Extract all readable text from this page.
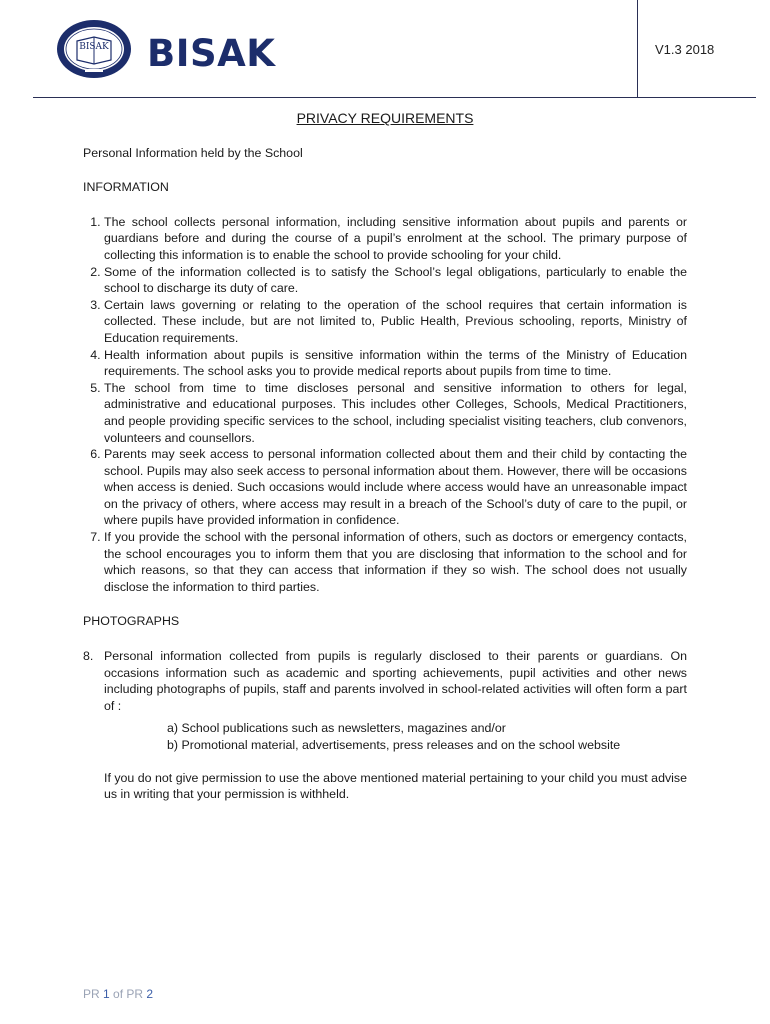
BISAK BISAK	V1.3 2018
PRIVACY REQUIREMENTS
Personal Information held by the School
INFORMATION
1. The school collects personal information, including sensitive information about pupils and parents or guardians before and during the course of a pupil’s enrolment at the school. The primary purpose of collecting this information is to enable the school to provide schooling for your child.
2. Some of the information collected is to satisfy the School’s legal obligations, particularly to enable the school to discharge its duty of care.
3. Certain laws governing or relating to the operation of the school requires that certain information is collected. These include, but are not limited to, Public Health, Previous schooling, reports, Ministry of Education requirements.
4. Health information about pupils is sensitive information within the terms of the Ministry of Education requirements. The school asks you to provide medical reports about pupils from time to time.
5. The school from time to time discloses personal and sensitive information to others for legal, administrative and educational purposes. This includes other Colleges, Schools, Medical Practitioners, and people providing specific services to the school, including specialist visiting teachers, club convenors, volunteers and counsellors.
6. Parents may seek access to personal information collected about them and their child by contacting the school. Pupils may also seek access to personal information about them. However, there will be occasions when access is denied. Such occasions would include where access would have an unreasonable impact on the privacy of others, where access may result in a breach of the School’s duty of care to the pupil, or where pupils have provided information in confidence.
7. If you provide the school with the personal information of others, such as doctors or emergency contacts, the school encourages you to inform them that you are disclosing that information to the school and for which reasons, so that they can access that information if they so wish. The school does not usually disclose the information to third parties.
PHOTOGRAPHS
8. Personal information collected from pupils is regularly disclosed to their parents or guardians. On occasions information such as academic and sporting achievements, pupil activities and other news including photographs of pupils, staff and parents involved in school-related activities will often form a part of :
a) School publications such as newsletters, magazines and/or
b) Promotional material, advertisements, press releases and on the school website
If you do not give permission to use the above mentioned material pertaining to your child you must advise us in writing that your permission is withheld.
PR 1 of PR 2
